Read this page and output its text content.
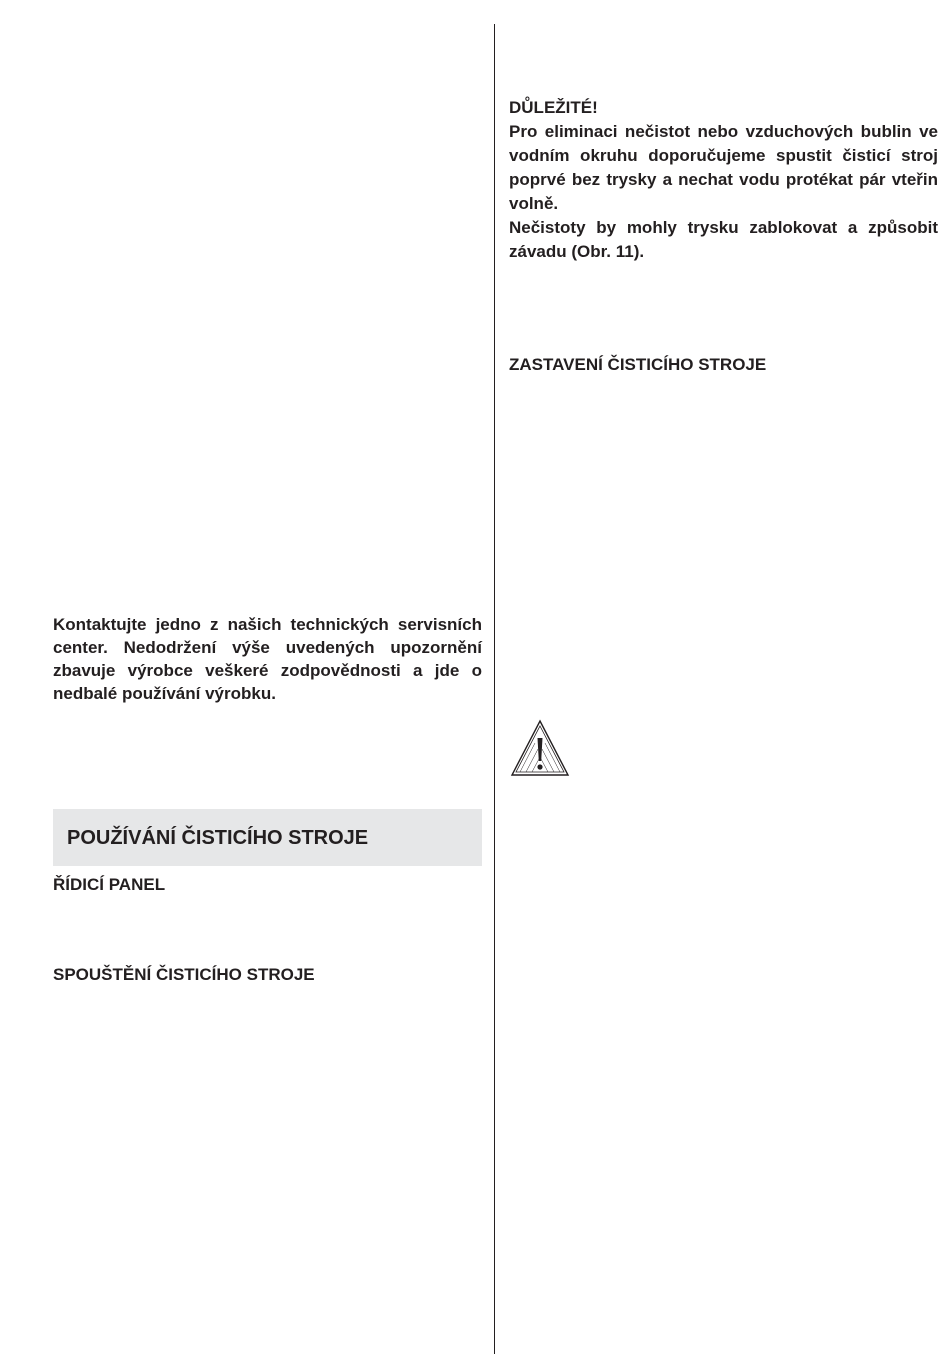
DŮLEŽITÉ!

Pro eliminaci nečistot nebo vzduchových bublin ve vodním okruhu doporučujeme spustit čisticí stroj poprvé bez trysky a nechat vodu protékat pár vteřin volně.

Nečistoty by mohly trysku zablokovat a způsobit závadu (Obr. 11).

ZASTAVENÍ ČISTICÍHO STROJE

Kontaktujte jedno z našich technických servisních center. Nedodržení výše uvedených upozornění zbavuje výrobce veškeré zodpovědnosti a jde o nedbalé používání výrobku.

POUŽÍVÁNÍ ČISTICÍHO STROJE
ŘÍDICÍ PANEL
SPOUŠTĚNÍ ČISTICÍHO STROJE
